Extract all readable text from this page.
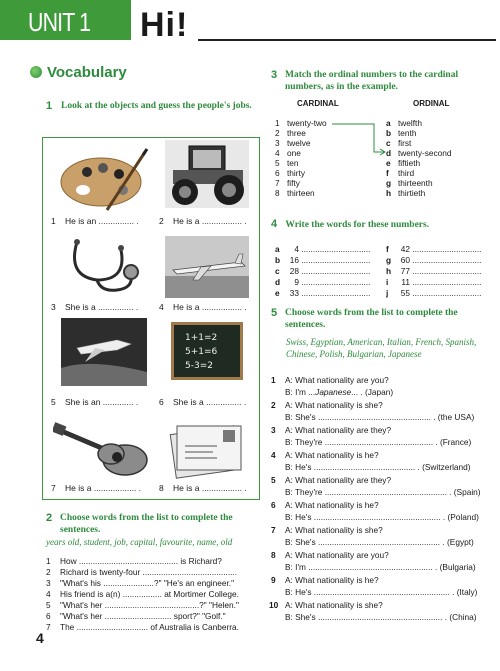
UNIT 1 Hi!
Vocabulary
1 Look at the objects and guess the people's jobs.
1 He is an ............... . 2 He is a ................. .
3 She is a ............... . 4 He is a ................. .
1+1=2
5+1=6
5-3=2
5 She is an ............. . 6 She is a ............... .
7 He is a .................. . 8 He is a ................. .
2 Choose words from the list to complete the sentences.
years old, student, job, capital, favourite, name, old
1 How ........................................... is Richard?
2 Richard is twenty-four .........................................
3 "What's his ......................?" "He's an engineer."
4 His friend is a(n) ................. at Mortimer College.
5 "What's her .........................................?" "Helen."
6 "What's her ............................. sport?" "Golf."
7 The ............................... of Australia is Canberra.
4
3 Match the ordinal numbers to the cardinal numbers, as in the example.
CARDINAL	ORDINAL
1 twenty-two
2 three
3 twelve
4 one
5 ten
6 thirty
7 fifty
8 thirteen
a twelfth
b tenth
c first
d twenty-second
e fiftieth
f third
g thirteenth
h thirtieth
4 Write the words for these numbers.
a 4 ..............................
b 16 ..............................
c 28 ..............................
d 9 ..............................
e 33 ..............................
f 42 ..............................
g 60 ..............................
h 77 ..............................
i 11 ..............................
j 55 ..............................
5 Choose words from the list to complete the sentences.
Swiss, Egyptian, American, Italian, French, Spanish, Chinese, Polish, Bulgarian, Japanese
1 A: What nationality are you?
B: I'm ...Japanese... . (Japan)
2 A: What nationality is she?
B: She's ................................................. . (the USA)
3 A: What nationality are they?
B: They're ............................................... . (France)
4 A: What nationality is he?
B: He's ............................................ . (Switzerland)
5 A: What nationality are they?
B: They're ..................................................... . (Spain)
6 A: What nationality is he?
B: He's ....................................................... . (Poland)
7 A: What nationality is she?
B: She's ..................................................... . (Egypt)
8 A: What nationality are you?
B: I'm ...................................................... . (Bulgaria)
9 A: What nationality is he?
B: He's ........................................................... . (Italy)
10 A: What nationality is she?
B: She's ...................................................... . (China)
